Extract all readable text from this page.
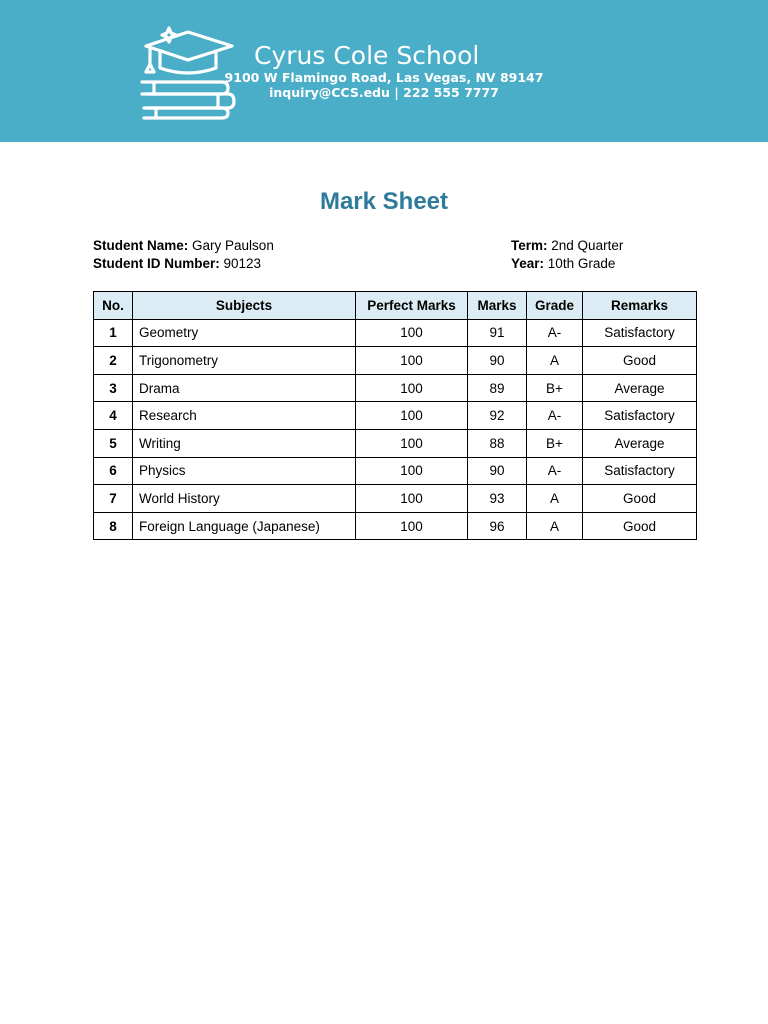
Cyrus Cole School
9100 W Flamingo Road, Las Vegas, NV 89147
inquiry@CCS.edu | 222 555 7777
Mark Sheet
Student Name: Gary Paulson
Student ID Number: 90123
Term: 2nd Quarter
Year: 10th Grade
No.	Subjects	Perfect Marks	Marks	Grade	Remarks
1	Geometry	100	91	A-	Satisfactory
2	Trigonometry	100	90	A	Good
3	Drama	100	89	B+	Average
4	Research	100	92	A-	Satisfactory
5	Writing	100	88	B+	Average
6	Physics	100	90	A-	Satisfactory
7	World History	100	93	A	Good
8	Foreign Language (Japanese)	100	96	A	Good
